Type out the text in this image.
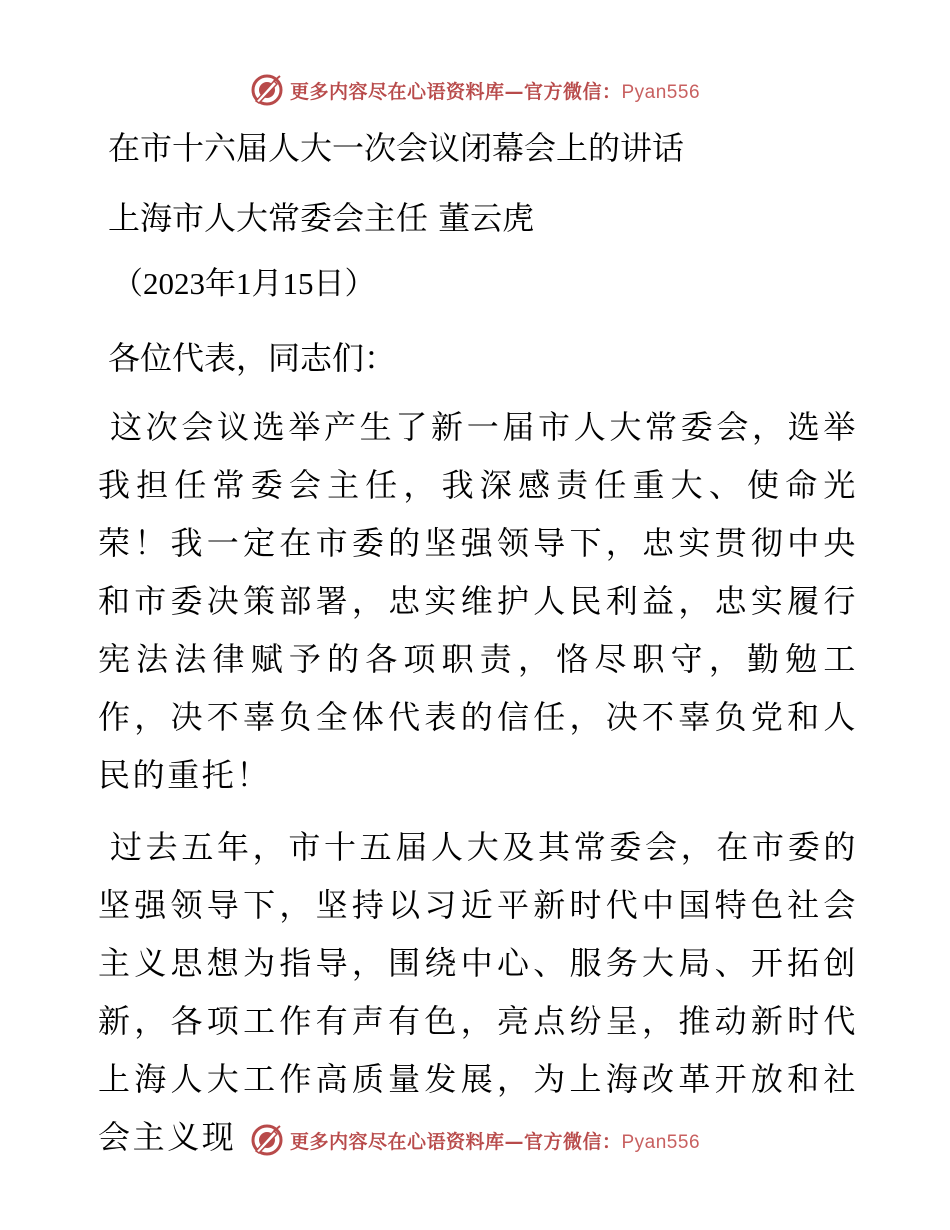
更多内容尽在心语资料库—官方微信：Pyan556

在市十六届人大一次会议闭幕会上的讲话

上海市人大常委会主任 董云虎

（2023年1月15日）

各位代表，同志们：

这次会议选举产生了新一届市人大常委会，选举我担任常委会主任，我深感责任重大、使命光荣！我一定在市委的坚强领导下，忠实贯彻中央和市委决策部署，忠实维护人民利益，忠实履行宪法法律赋予的各项职责，恪尽职守，勤勉工作，决不辜负全体代表的信任，决不辜负党和人民的重托！

过去五年，市十五届人大及其常委会，在市委的坚强领导下，坚持以习近平新时代中国特色社会主义思想为指导，围绕中心、服务大局、开拓创新，各项工作有声有色，亮点纷呈，推动新时代上海人大工作高质量发展，为上海改革开放和社会主义现	更多内容尽在心语资料库—官方微信：Pyan556
